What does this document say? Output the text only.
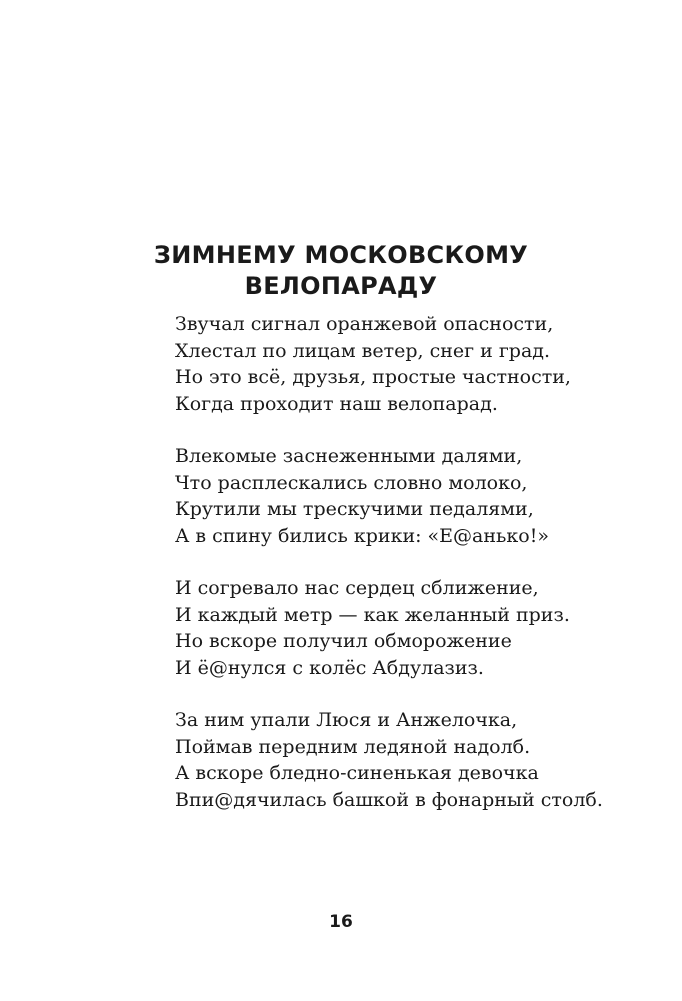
ЗИМНЕМУ МОСКОВСКОМУ
ВЕЛОПАРАДУ
Звучал сигнал оранжевой опасности,
Хлестал по лицам ветер, снег и град.
Но это всё, друзья, простые частности,
Когда проходит наш велопарад.
Влекомые заснеженными далями,
Что расплескались словно молоко,
Крутили мы трескучими педалями,
А в спину бились крики: «Е@анько!»
И согревало нас сердец сближение,
И каждый метр — как желанный приз.
Но вскоре получил обморожение
И ё@нулся с колёс Абдулазиз.
За ним упали Люся и Анжелочка,
Поймав передним ледяной надолб.
А вскоре бледно-синенькая девочка
Впи@дячилась башкой в фонарный столб.
16
